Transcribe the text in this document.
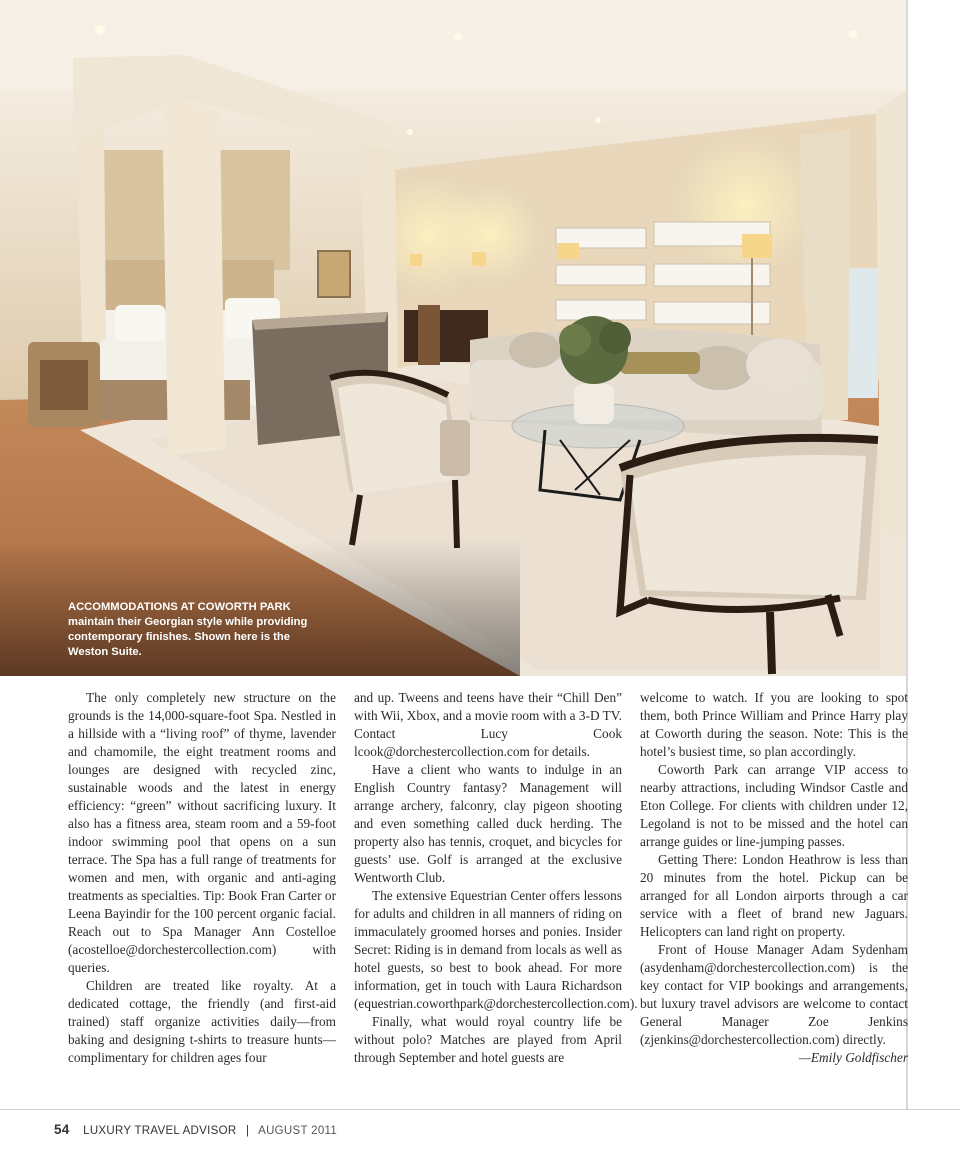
ACCOMMODATIONS AT COWORTH PARK maintain their Georgian style while providing contemporary finishes. Shown here is the Weston Suite.

The only completely new structure on the grounds is the 14,000-square-foot Spa. Nestled in a hillside with a “living roof” of thyme, lavender and chamomile, the eight treatment rooms and lounges are designed with recycled zinc, sustainable woods and the latest in energy efficiency: “green” without sacrificing luxury. It also has a fitness area, steam room and a 59-foot indoor swimming pool that opens on a sun terrace. The Spa has a full range of treatments for women and men, with organic and anti-aging treatments as specialties. Tip: Book Fran Carter or Leena Bayindir for the 100 percent organic facial. Reach out to Spa Manager Ann Costelloe (acostelloe@dorchestercollection.com) with queries.

Children are treated like royalty. At a dedicated cottage, the friendly (and first-aid trained) staff organize activities daily—from baking and designing t-shirts to treasure hunts—complimentary for children ages four

and up. Tweens and teens have their “Chill Den” with Wii, Xbox, and a movie room with a 3-D TV. Contact Lucy Cook lcook@dorchestercollection.com for details.

Have a client who wants to indulge in an English Country fantasy? Management will arrange archery, falconry, clay pigeon shooting and even something called duck herding. The property also has tennis, croquet, and bicycles for guests’ use. Golf is arranged at the exclusive Wentworth Club.

The extensive Equestrian Center offers lessons for adults and children in all manners of riding on immaculately groomed horses and ponies. Insider Secret: Riding is in demand from locals as well as hotel guests, so best to book ahead. For more information, get in touch with Laura Richardson (equestrian.coworthpark@dorchestercollection.com).

Finally, what would royal country life be without polo? Matches are played from April through September and hotel guests are

welcome to watch. If you are looking to spot them, both Prince William and Prince Harry play at Coworth during the season. Note: This is the hotel’s busiest time, so plan accordingly.

Coworth Park can arrange VIP access to nearby attractions, including Windsor Castle and Eton College. For clients with children under 12, Legoland is not to be missed and the hotel can arrange guides or line-jumping passes.

Getting There: London Heathrow is less than 20 minutes from the hotel. Pickup can be arranged for all London airports through a car service with a fleet of brand new Jaguars. Helicopters can land right on property.

Front of House Manager Adam Sydenham (asydenham@dorchestercollection.com) is the key contact for VIP bookings and arrangements, but luxury travel advisors are welcome to contact General Manager Zoe Jenkins (zjenkins@dorchestercollection.com) directly.

—Emily Goldfischer

54 LUXURY TRAVEL ADVISOR | AUGUST 2011
